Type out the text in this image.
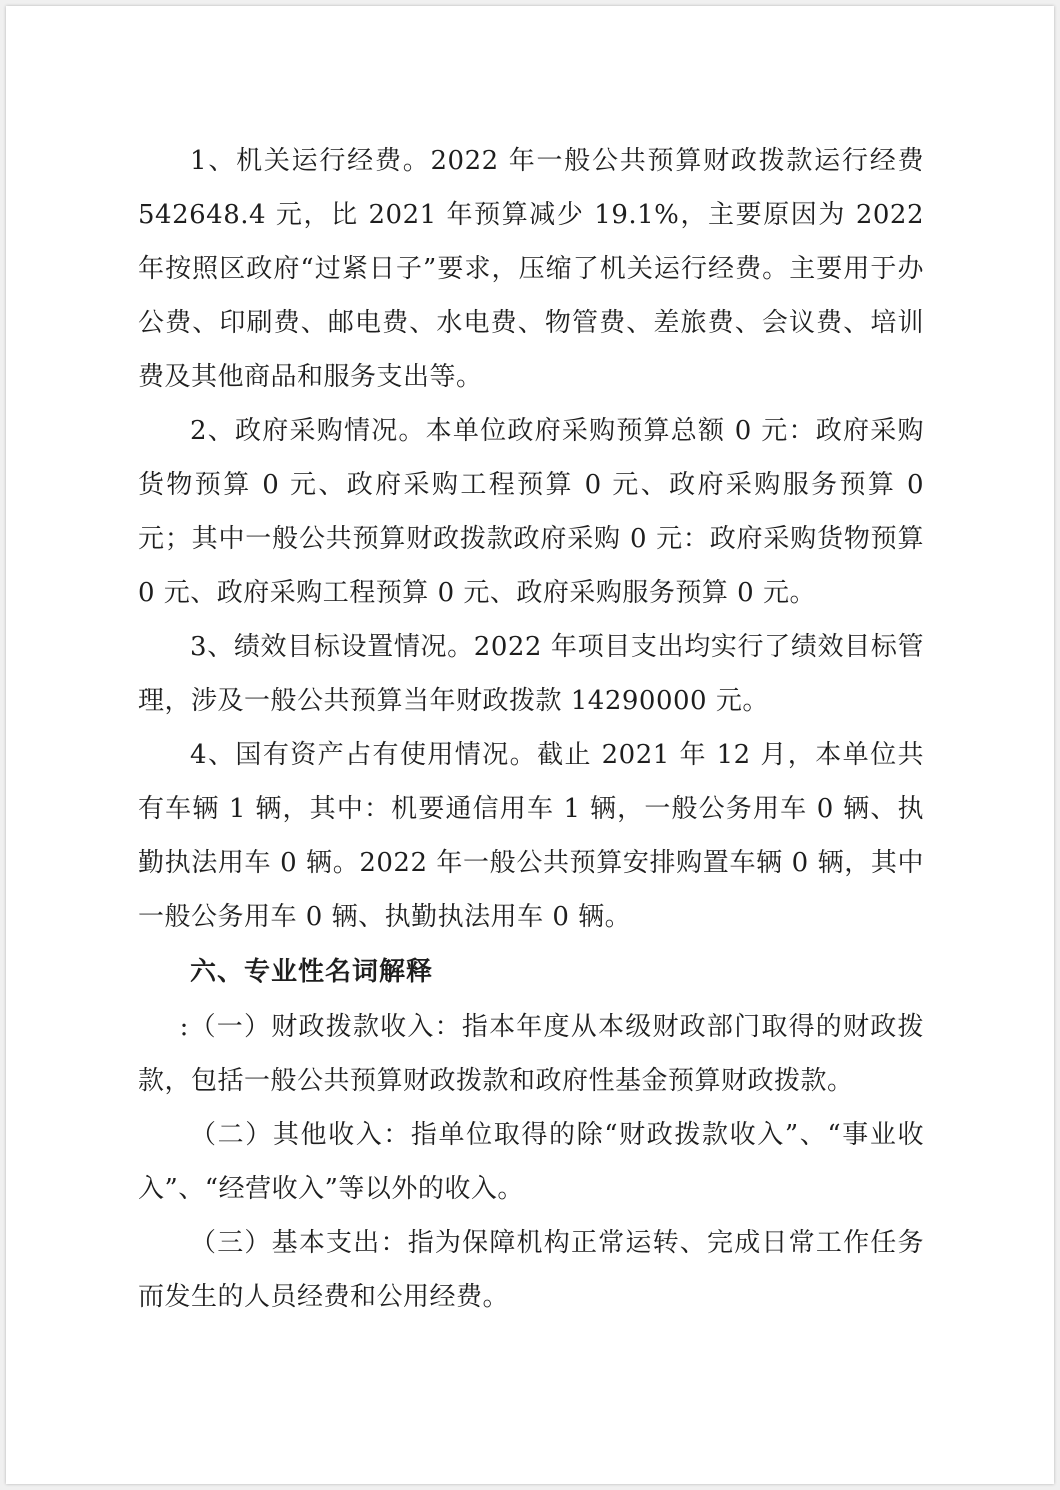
1、机关运行经费。2022 年一般公共预算财政拨款运行经费542648.4 元，比 2021 年预算减少 19.1%，主要原因为 2022 年按照区政府“过紧日子”要求，压缩了机关运行经费。主要用于办公费、印刷费、邮电费、水电费、物管费、差旅费、会议费、培训费及其他商品和服务支出等。

2、政府采购情况。本单位政府采购预算总额 0 元：政府采购货物预算 0 元、政府采购工程预算 0 元、政府采购服务预算 0 元；其中一般公共预算财政拨款政府采购 0 元：政府采购货物预算 0 元、政府采购工程预算 0 元、政府采购服务预算 0 元。

3、绩效目标设置情况。2022 年项目支出均实行了绩效目标管理，涉及一般公共预算当年财政拨款 14290000 元。

4、国有资产占有使用情况。截止 2021 年 12 月，本单位共有车辆 1 辆，其中：机要通信用车 1 辆，一般公务用车 0 辆、执勤执法用车 0 辆。2022 年一般公共预算安排购置车辆 0 辆，其中一般公务用车 0 辆、执勤执法用车 0 辆。

六、专业性名词解释

:（一）财政拨款收入：指本年度从本级财政部门取得的财政拨款，包括一般公共预算财政拨款和政府性基金预算财政拨款。

（二）其他收入：指单位取得的除“财政拨款收入”、“事业收入”、“经营收入”等以外的收入。

（三）基本支出：指为保障机构正常运转、完成日常工作任务而发生的人员经费和公用经费。
